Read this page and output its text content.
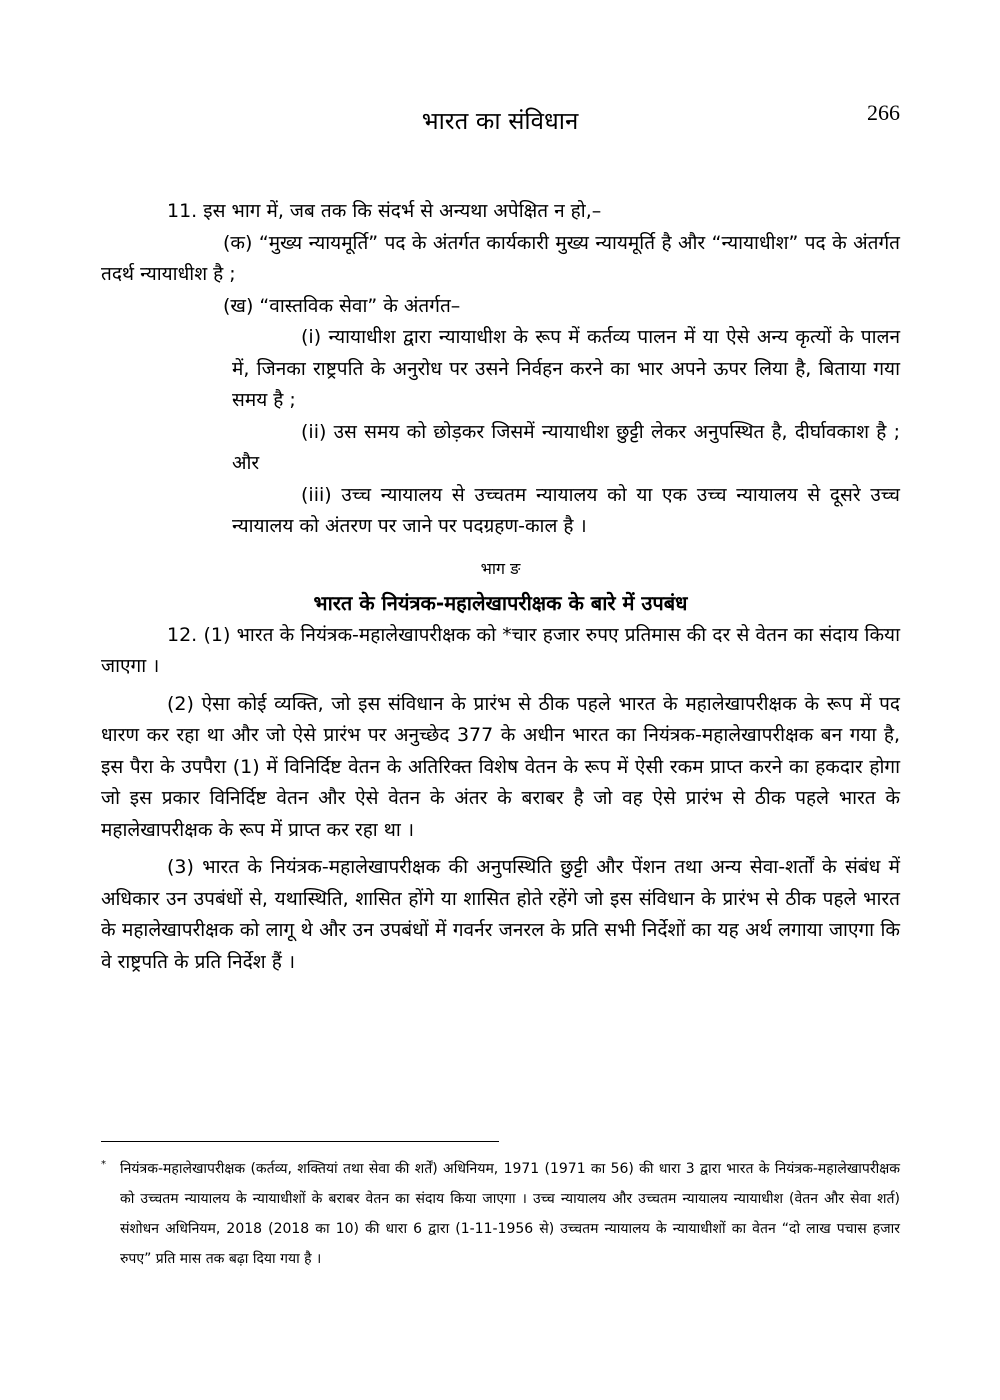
भारत का संविधान	266

11. इस भाग में, जब तक कि संदर्भ से अन्यथा अपेक्षित न हो,–

(क) “मुख्य न्यायमूर्ति” पद के अंतर्गत कार्यकारी मुख्य न्यायमूर्ति है और “न्यायाधीश” पद के अंतर्गत तदर्थ न्यायाधीश है ;

(ख) “वास्तविक सेवा” के अंतर्गत–

(i) न्यायाधीश द्वारा न्यायाधीश के रूप में कर्तव्य पालन में या ऐसे अन्य कृत्यों के पालन में, जिनका राष्ट्रपति के अनुरोध पर उसने निर्वहन करने का भार अपने ऊपर लिया है, बिताया गया समय है ;

(ii) उस समय को छोड़कर जिसमें न्यायाधीश छुट्टी लेकर अनुपस्थित है, दीर्घावकाश है ; और

(iii) उच्च न्यायालय से उच्चतम न्यायालय को या एक उच्च न्यायालय से दूसरे उच्च न्यायालय को अंतरण पर जाने पर पदग्रहण-काल है ।

भाग ङ

भारत के नियंत्रक-महालेखापरीक्षक के बारे में उपबंध

12. (1) भारत के नियंत्रक-महालेखापरीक्षक को *चार हजार रुपए प्रतिमास की दर से वेतन का संदाय किया जाएगा ।

(2) ऐसा कोई व्यक्ति, जो इस संविधान के प्रारंभ से ठीक पहले भारत के महालेखापरीक्षक के रूप में पद धारण कर रहा था और जो ऐसे प्रारंभ पर अनुच्छेद 377 के अधीन भारत का नियंत्रक-महालेखापरीक्षक बन गया है, इस पैरा के उपपैरा (1) में विनिर्दिष्ट वेतन के अतिरिक्त विशेष वेतन के रूप में ऐसी रकम प्राप्त करने का हकदार होगा जो इस प्रकार विनिर्दिष्ट वेतन और ऐसे वेतन के अंतर के बराबर है जो वह ऐसे प्रारंभ से ठीक पहले भारत के महालेखापरीक्षक के रूप में प्राप्त कर रहा था ।

(3) भारत के नियंत्रक-महालेखापरीक्षक की अनुपस्थिति छुट्टी और पेंशन तथा अन्य सेवा-शर्तों के संबंध में अधिकार उन उपबंधों से, यथास्थिति, शासित होंगे या शासित होते रहेंगे जो इस संविधान के प्रारंभ से ठीक पहले भारत के महालेखापरीक्षक को लागू थे और उन उपबंधों में गवर्नर जनरल के प्रति सभी निर्देशों का यह अर्थ लगाया जाएगा कि वे राष्ट्रपति के प्रति निर्देश हैं ।

* नियंत्रक-महालेखापरीक्षक (कर्तव्य, शक्तियां तथा सेवा की शर्तें) अधिनियम, 1971 (1971 का 56) की धारा 3 द्वारा भारत के नियंत्रक-महालेखापरीक्षक को उच्चतम न्यायालय के न्यायाधीशों के बराबर वेतन का संदाय किया जाएगा । उच्च न्यायालय और उच्चतम न्यायालय न्यायाधीश (वेतन और सेवा शर्त) संशोधन अधिनियम, 2018 (2018 का 10) की धारा 6 द्वारा (1-11-1956 से) उच्चतम न्यायालय के न्यायाधीशों का वेतन “दो लाख पचास हजार रुपए” प्रति मास तक बढ़ा दिया गया है ।
